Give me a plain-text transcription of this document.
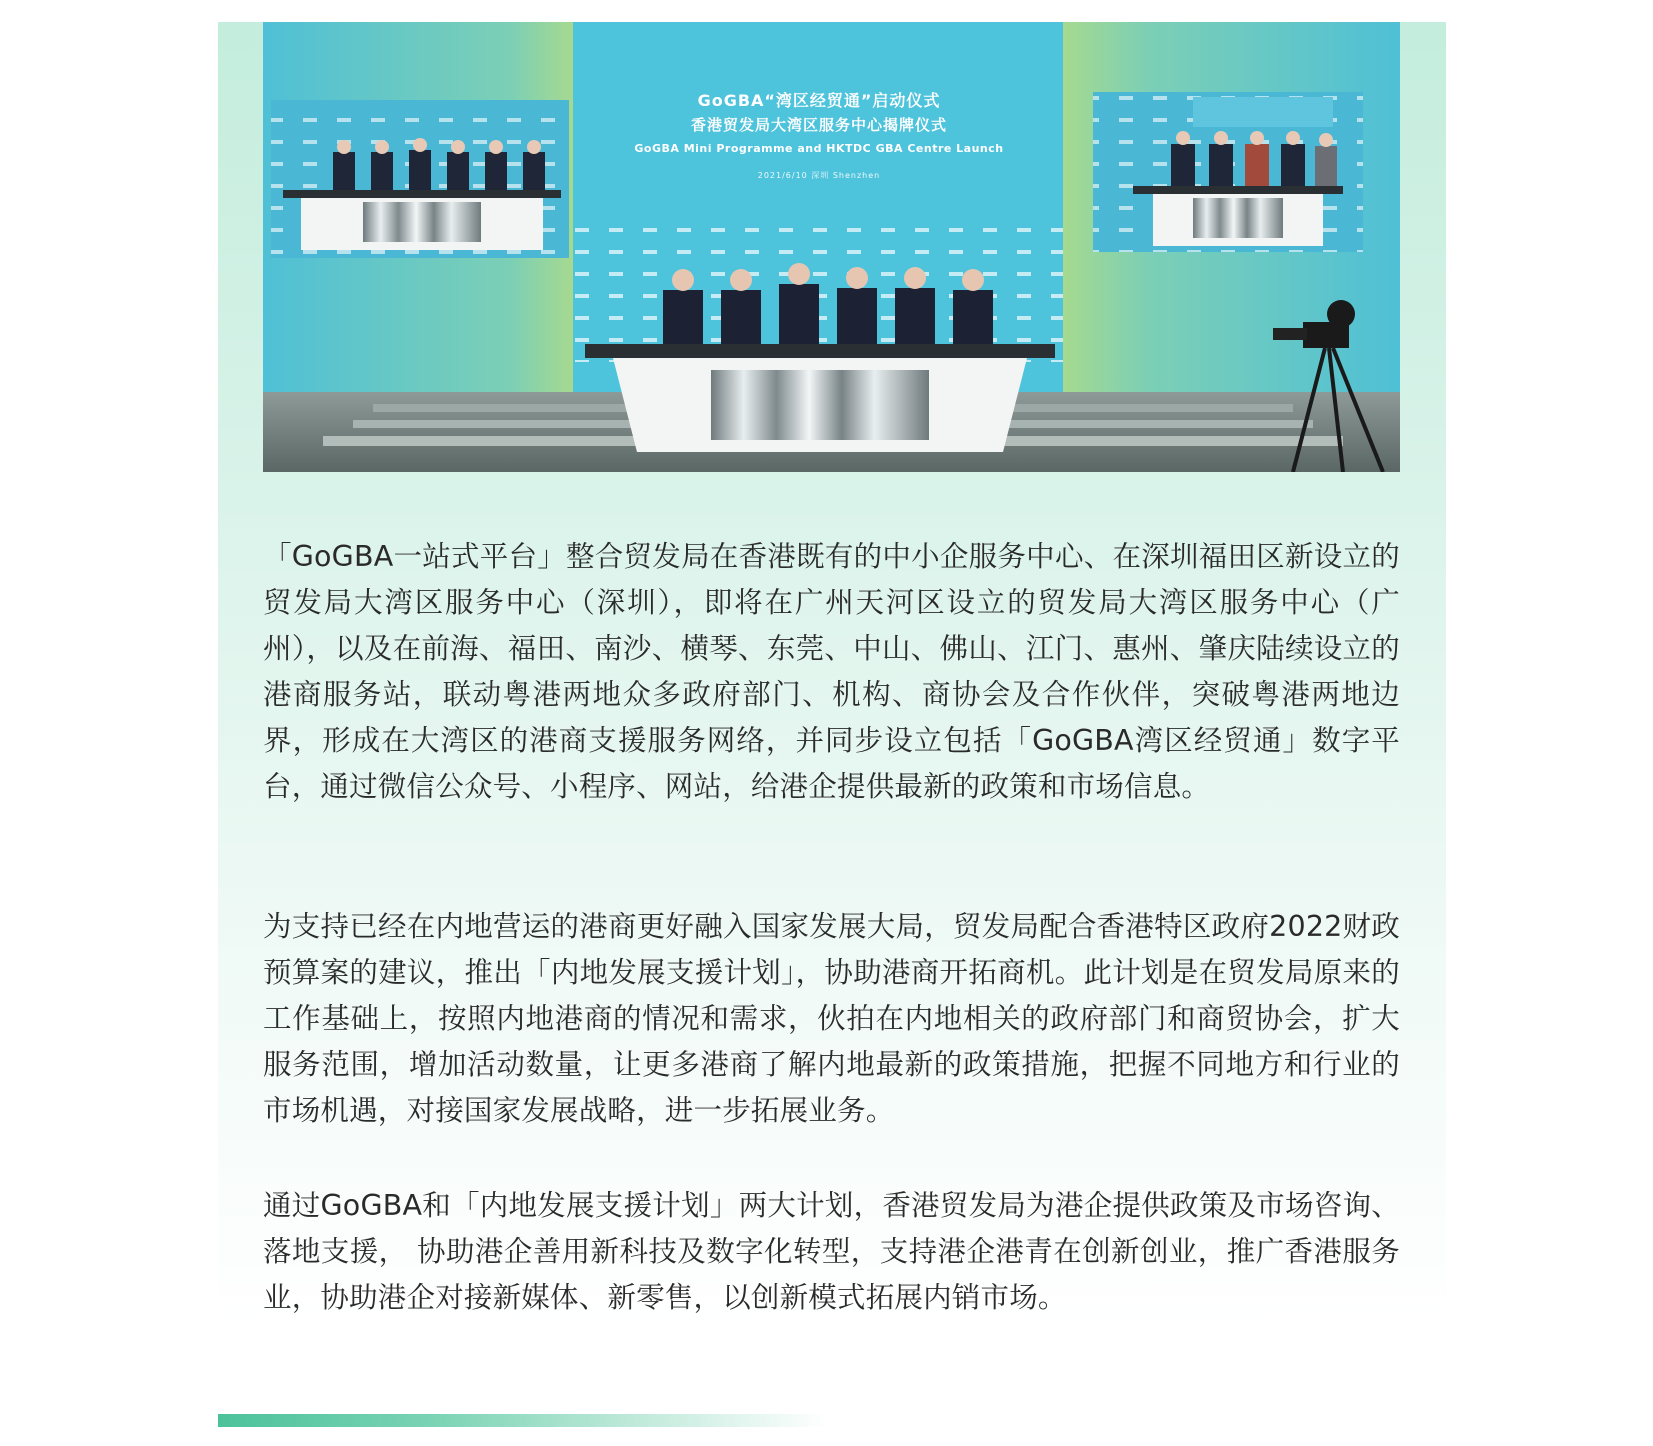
GoGBA“湾区经贸通”启动仪式
香港贸发局大湾区服务中心揭牌仪式
GoGBA Mini Programme and HKTDC GBA Centre Launch
2021/6/10 深圳 Shenzhen
「GoGBA一站式平台」整合贸发局在香港既有的中小企服务中心、在深圳福田区新设立的贸发局大湾区服务中心（深圳），即将在广州天河区设立的贸发局大湾区服务中心（广州），以及在前海、福田、南沙、横琴、东莞、中山、佛山、江门、惠州、肇庆陆续设立的港商服务站，联动粤港两地众多政府部门、机构、商协会及合作伙伴，突破粤港两地边界，形成在大湾区的港商支援服务网络，并同步设立包括「GoGBA湾区经贸通」数字平台，通过微信公众号、小程序、网站，给港企提供最新的政策和市场信息。
为支持已经在内地营运的港商更好融入国家发展大局，贸发局配合香港特区政府2022财政预算案的建议，推出「内地发展支援计划」，协助港商开拓商机。此计划是在贸发局原来的工作基础上，按照内地港商的情况和需求，伙拍在内地相关的政府部门和商贸协会，扩大服务范围，增加活动数量，让更多港商了解内地最新的政策措施，把握不同地方和行业的市场机遇，对接国家发展战略，进一步拓展业务。
通过GoGBA和「内地发展支援计划」两大计划，香港贸发局为港企提供政策及市场咨询、落地支援， 协助港企善用新科技及数字化转型，支持港企港青在创新创业，推广香港服务业，协助港企对接新媒体、新零售，以创新模式拓展内销市场。
